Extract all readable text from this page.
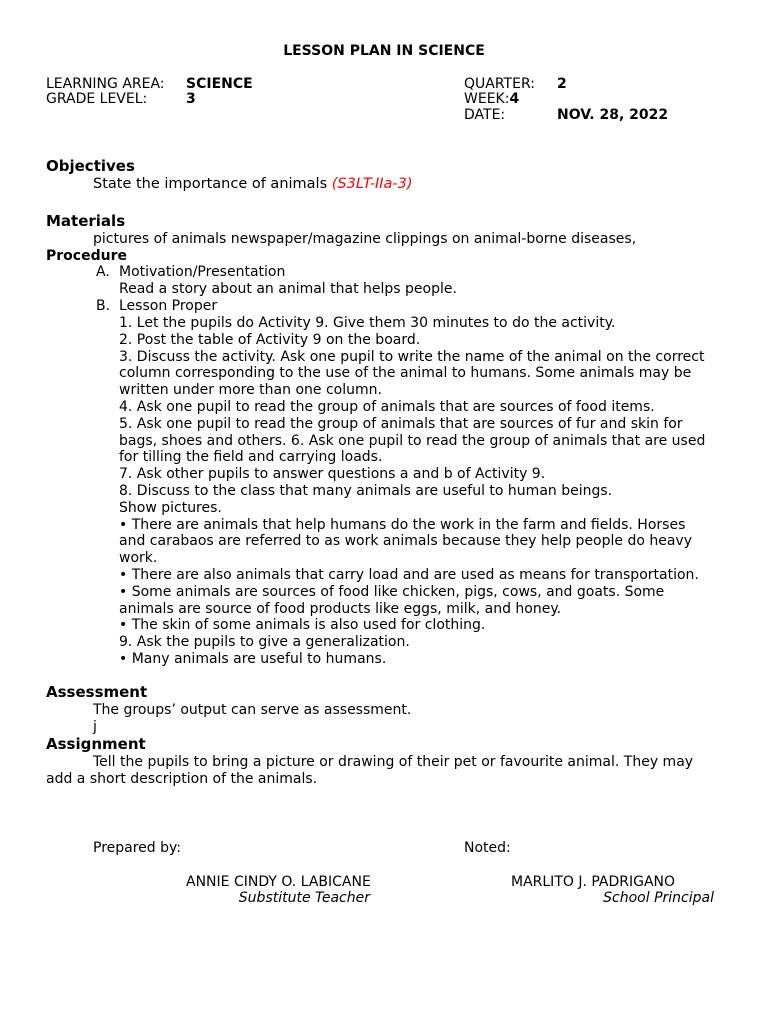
LESSON PLAN IN SCIENCE
LEARNING AREA: SCIENCE
GRADE LEVEL:	3
QUARTER: 2
WEEK:4
DATE:	NOV. 28, 2022
Objectives
State the importance of animals (S3LT-IIa-3)
Materials
pictures of animals newspaper/magazine clippings on animal-borne diseases,
Procedure
A. Motivation/Presentation
Read a story about an animal that helps people.
B. Lesson Proper
1. Let the pupils do Activity 9. Give them 30 minutes to do the activity.
2. Post the table of Activity 9 on the board.
3. Discuss the activity. Ask one pupil to write the name of the animal on the correct
column corresponding to the use of the animal to humans. Some animals may be
written under more than one column.
4. Ask one pupil to read the group of animals that are sources of food items.
5. Ask one pupil to read the group of animals that are sources of fur and skin for
bags, shoes and others. 6. Ask one pupil to read the group of animals that are used
for tilling the field and carrying loads.
7. Ask other pupils to answer questions a and b of Activity 9.
8. Discuss to the class that many animals are useful to human beings.
Show pictures.
• There are animals that help humans do the work in the farm and fields. Horses
and carabaos are referred to as work animals because they help people do heavy
work.
• There are also animals that carry load and are used as means for transportation.
• Some animals are sources of food like chicken, pigs, cows, and goats. Some
animals are source of food products like eggs, milk, and honey.
• The skin of some animals is also used for clothing.
9. Ask the pupils to give a generalization.
• Many animals are useful to humans.
Assessment
The groups’ output can serve as assessment.
j
Assignment
Tell the pupils to bring a picture or drawing of their pet or favourite animal. They may
add a short description of the animals.
Prepared by:	Noted:
ANNIE CINDY O. LABICANE
Substitute Teacher
MARLITO J. PADRIGANO
School Principal
